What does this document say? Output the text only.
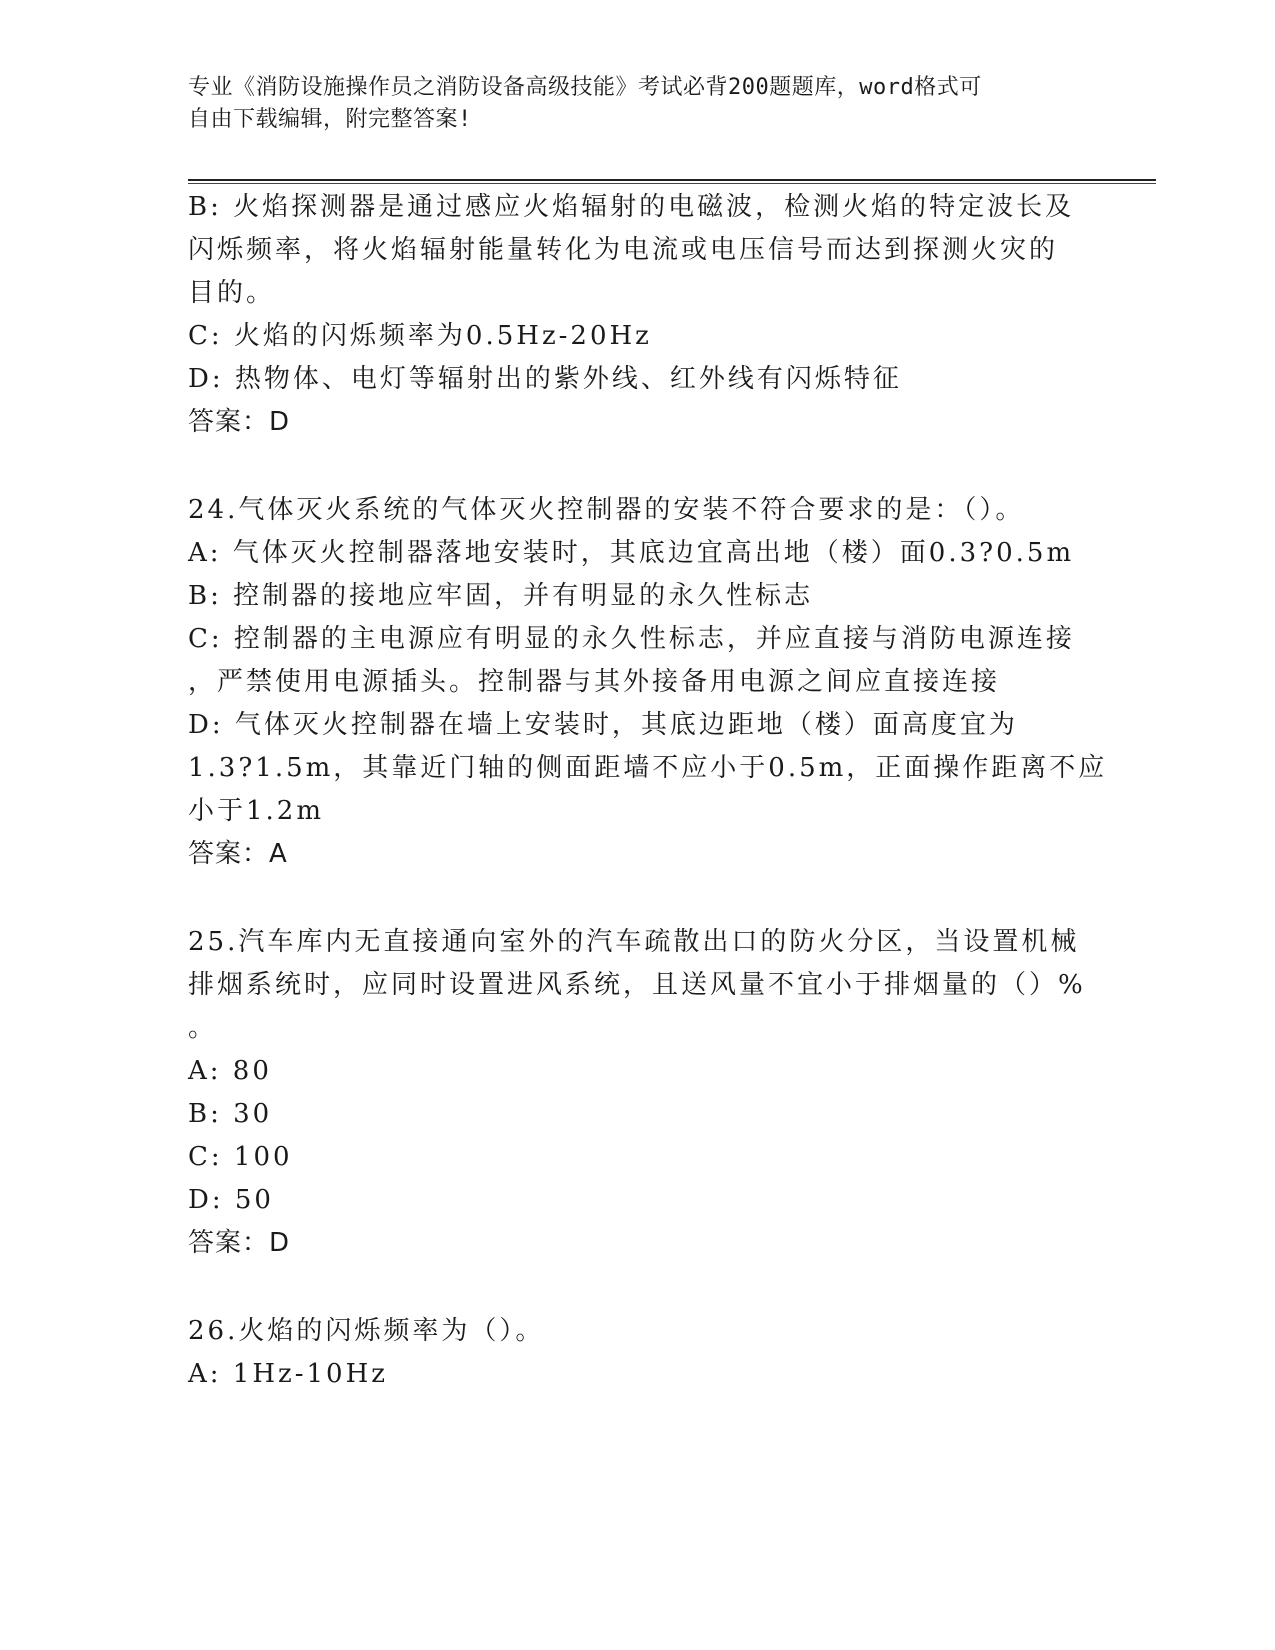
专业《消防设施操作员之消防设备高级技能》考试必背200题题库，word格式可
自由下载编辑，附完整答案!
B: 火焰探测器是通过感应火焰辐射的电磁波，检测火焰的特定波长及
闪烁频率，将火焰辐射能量转化为电流或电压信号而达到探测火灾的
目的。
C: 火焰的闪烁频率为0.5Hz-20Hz
D: 热物体、电灯等辐射出的紫外线、红外线有闪烁特征
答案：D
24.气体灭火系统的气体灭火控制器的安装不符合要求的是：（）。
A: 气体灭火控制器落地安装时，其底边宜高出地（楼）面0.3?0.5m
B: 控制器的接地应牢固，并有明显的永久性标志
C: 控制器的主电源应有明显的永久性标志，并应直接与消防电源连接
，严禁使用电源插头。控制器与其外接备用电源之间应直接连接
D: 气体灭火控制器在墙上安装时，其底边距地（楼）面高度宜为
1.3?1.5m，其靠近门轴的侧面距墙不应小于0.5m，正面操作距离不应
小于1.2m
答案：A
25.汽车库内无直接通向室外的汽车疏散出口的防火分区，当设置机械
排烟系统时，应同时设置进风系统，且送风量不宜小于排烟量的（）%
。
A: 80
B: 30
C: 100
D: 50
答案：D
26.火焰的闪烁频率为（）。
A: 1Hz-10Hz
